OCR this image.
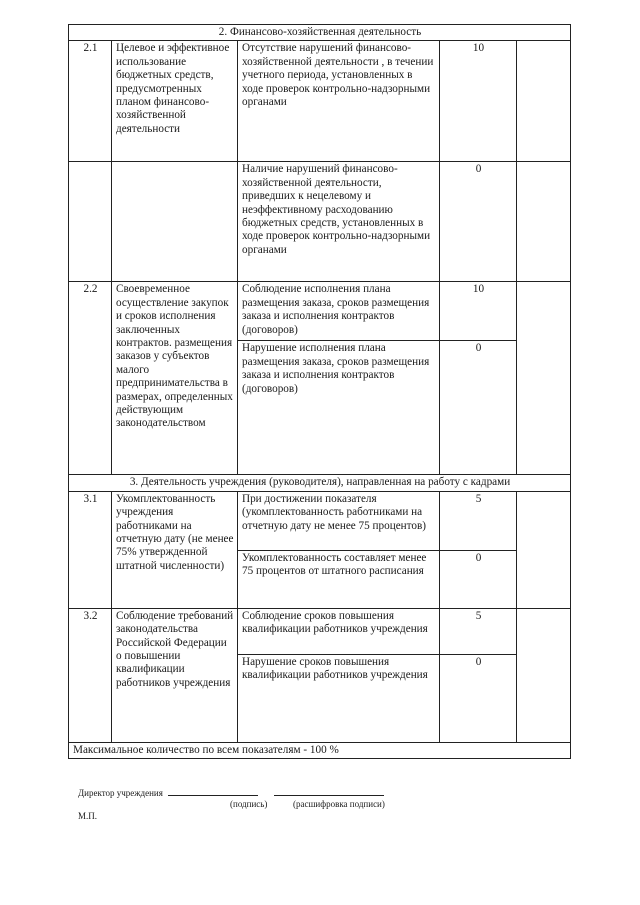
2. Финансово-хозяйственная деятельность				
2.1	Целевое и эффективное использование бюджетных средств, предусмотренных планом финансово-хозяйственной деятельности	Отсутствие нарушений финансово-хозяйственной деятельности , в течении учетного периода, установленных в ходе проверок контрольно-надзорными органами	10	
		Наличие нарушений финансово-хозяйственной деятельности, приведших к нецелевому и неэффективному расходованию бюджетных средств, установленных в ходе проверок контрольно-надзорными органами	0	
2.2	Своевременное осуществление закупок и сроков исполнения заключенных контрактов. размещения заказов у субъектов малого предпринимательства в размерах, определенных действующим законодательством	Соблюдение исполнения плана размещения заказа, сроков размещения заказа и исполнения контрактов (договоров)	10	
		Нарушение исполнения плана размещения заказа, сроков размещения заказа и исполнения контрактов (договоров)	0	
3. Деятельность учреждения (руководителя), направленная на работу с кадрами				
3.1	Укомплектованность учреждения работниками на отчетную дату (не менее 75% утвержденной штатной численности)	При достижении показателя (укомплектованность работниками на отчетную дату не менее 75 процентов)	5	
		Укомплектованность составляет менее 75 процентов от штатного расписания	0	
3.2	Соблюдение требований законодательства Российской Федерации о повышении квалификации работников учреждения	Соблюдение сроков повышения квалификации работников учреждения	5	
		Нарушение сроков повышения квалификации работников учреждения	0	
Максимальное количество по всем показателям - 100 %				
Директор учреждения
(подпись)	(расшифровка подписи)
М.П.
